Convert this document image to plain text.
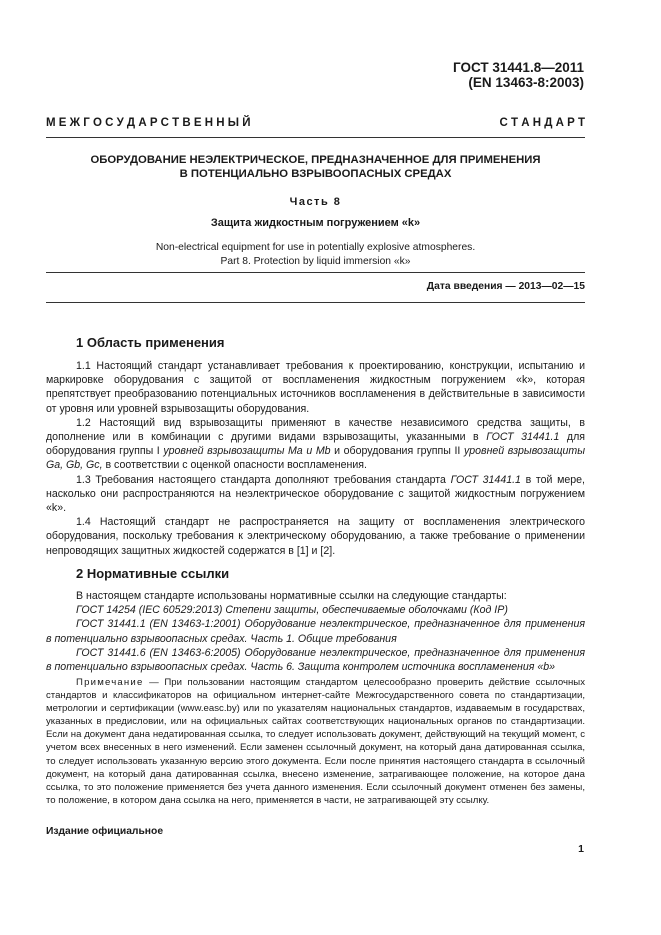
ГОСТ 31441.8—2011
(EN 13463-8:2003)
М Е Ж Г О С У Д А Р С Т В Е Н Н Ы Й	С Т А Н Д А Р Т
ОБОРУДОВАНИЕ НЕЭЛЕКТРИЧЕСКОЕ, ПРЕДНАЗНАЧЕННОЕ ДЛЯ ПРИМЕНЕНИЯ
В ПОТЕНЦИАЛЬНО ВЗРЫВООПАСНЫХ СРЕДАХ
Часть 8
Защита жидкостным погружением «k»
Non-electrical equipment for use in potentially explosive atmospheres.
Part 8. Protection by liquid immersion «k»
Дата введения — 2013—02—15
1 Область применения

1.1 Настоящий стандарт устанавливает требования к проектированию, конструкции, испытанию и маркировке оборудования с защитой от воспламенения жидкостным погружением «k», которая препятствует преобразованию потенциальных источников воспламенения в действительные в зависимости от уровня или уровней взрывозащиты оборудования.

1.2 Настоящий вид взрывозащиты применяют в качестве независимого средства защиты, в дополнение или в комбинации с другими видами взрывозащиты, указанными в ГОСТ 31441.1 для оборудования группы I уровней взрывозащиты Ma и Mb и оборудования группы II уровней взрывозащиты Ga, Gb, Gc, в соответствии с оценкой опасности воспламенения.

1.3 Требования настоящего стандарта дополняют требования стандарта ГОСТ 31441.1 в той мере, насколько они распространяются на неэлектрическое оборудование с защитой жидкостным погружением «k».

1.4 Настоящий стандарт не распространяется на защиту от воспламенения электрического оборудования, поскольку требования к электрическому оборудованию, а также требование о применении непроводящих защитных жидкостей содержатся в [1] и [2].

2 Нормативные ссылки

В настоящем стандарте использованы нормативные ссылки на следующие стандарты:

ГОСТ 14254 (IEC 60529:2013) Степени защиты, обеспечиваемые оболочками (Код IP)

ГОСТ 31441.1 (EN 13463-1:2001) Оборудование неэлектрическое, предназначенное для применения в потенциально взрывоопасных средах. Часть 1. Общие требования

ГОСТ 31441.6 (EN 13463-6:2005) Оборудование неэлектрическое, предназначенное для применения в потенциально взрывоопасных средах. Часть 6. Защита контролем источника воспламенения «b»

Примечание — При пользовании настоящим стандартом целесообразно проверить действие ссылочных стандартов и классификаторов на официальном интернет-сайте Межгосударственного совета по стандартизации, метрологии и сертификации (www.easc.by) или по указателям национальных стандартов, издаваемым в государствах, указанных в предисловии, или на официальных сайтах соответствующих национальных органов по стандартизации. Если на документ дана недатированная ссылка, то следует использовать документ, действующий на текущий момент, с учетом всех внесенных в него изменений. Если заменен ссылочный документ, на который дана датированная ссылка, то следует использовать указанную версию этого документа. Если после принятия настоящего стандарта в ссылочный документ, на который дана датированная ссылка, внесено изменение, затрагивающее положение, на которое дана ссылка, то это положение применяется без учета данного изменения. Если ссылочный документ отменен без замены, то положение, в котором дана ссылка на него, применяется в части, не затрагивающей эту ссылку.

Издание официальное
1
